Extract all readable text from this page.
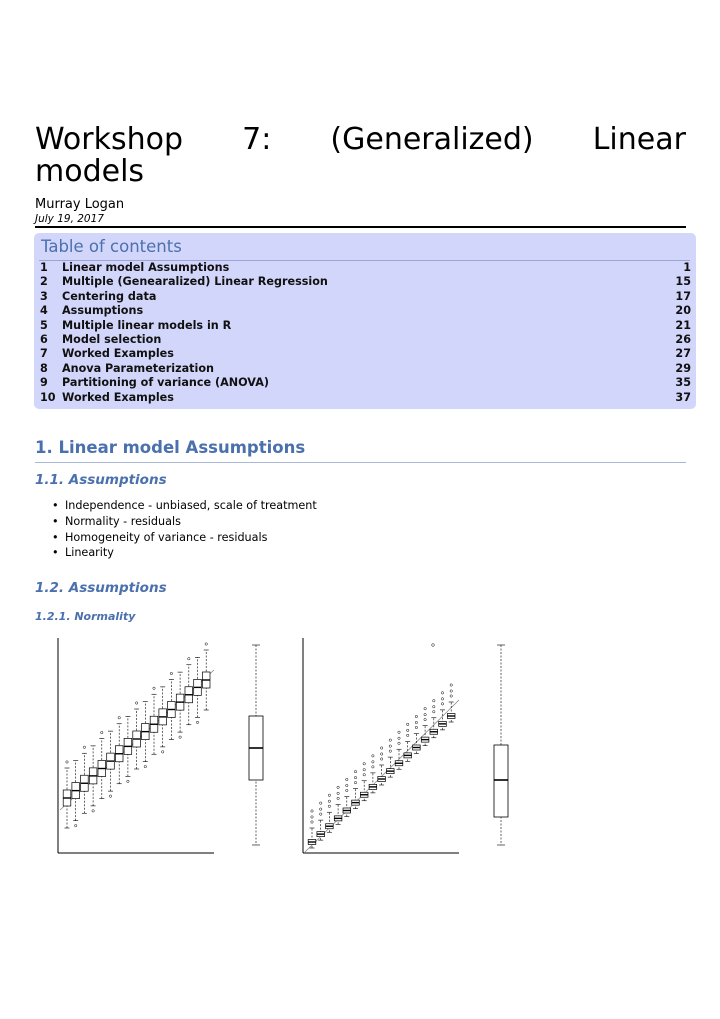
Workshop 7: (Generalized) Linear
models
Murray Logan
July 19, 2017
Table of contents
1	Linear model Assumptions	1
2	Multiple (Genearalized) Linear Regression	15
3	Centering data	17
4	Assumptions	20
5	Multiple linear models in R	21
6	Model selection	26
7	Worked Examples	27
8	Anova Parameterization	29
9	Partitioning of variance (ANOVA)	35
10 Worked Examples	37
1. Linear model Assumptions
1.1. Assumptions
• Independence - unbiased, scale of treatment
• Normality - residuals
• Homogeneity of variance - residuals
• Linearity
1.2. Assumptions
1.2.1. Normality
